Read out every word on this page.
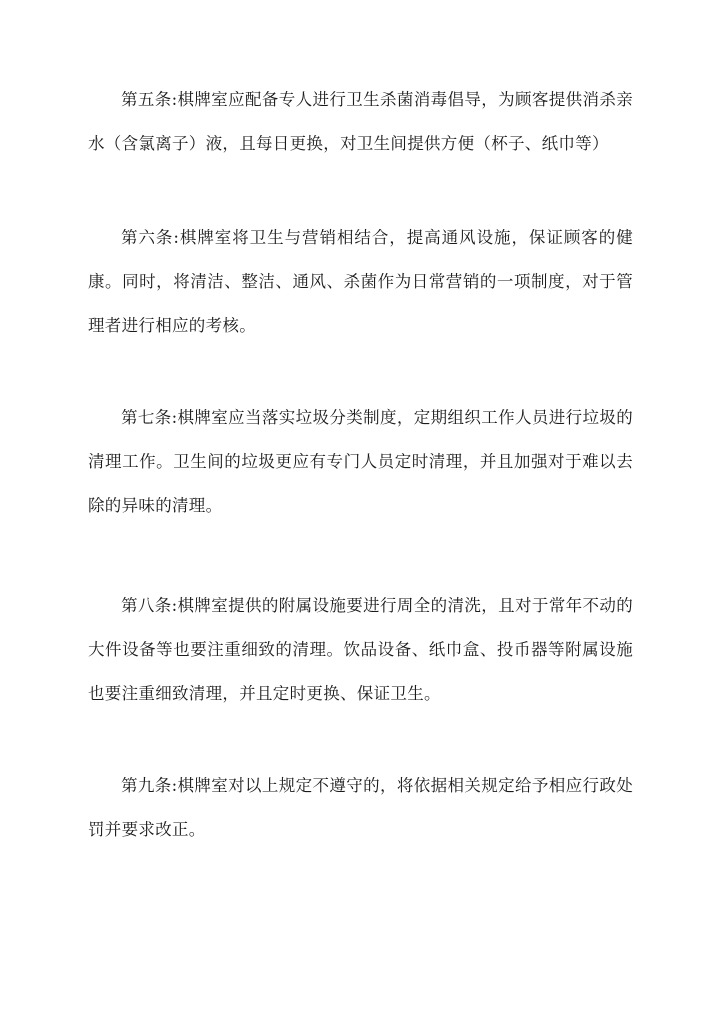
第五条:棋牌室应配备专人进行卫生杀菌消毒倡导，为顾客提供消杀亲水（含氯离子）液，且每日更换，对卫生间提供方便（杯子、纸巾等）

第六条:棋牌室将卫生与营销相结合，提高通风设施，保证顾客的健康。同时，将清洁、整洁、通风、杀菌作为日常营销的一项制度，对于管理者进行相应的考核。

第七条:棋牌室应当落实垃圾分类制度，定期组织工作人员进行垃圾的清理工作。卫生间的垃圾更应有专门人员定时清理，并且加强对于难以去除的异味的清理。

第八条:棋牌室提供的附属设施要进行周全的清洗，且对于常年不动的大件设备等也要注重细致的清理。饮品设备、纸巾盒、投币器等附属设施也要注重细致清理，并且定时更换、保证卫生。

第九条:棋牌室对以上规定不遵守的，将依据相关规定给予相应行政处罚并要求改正。
